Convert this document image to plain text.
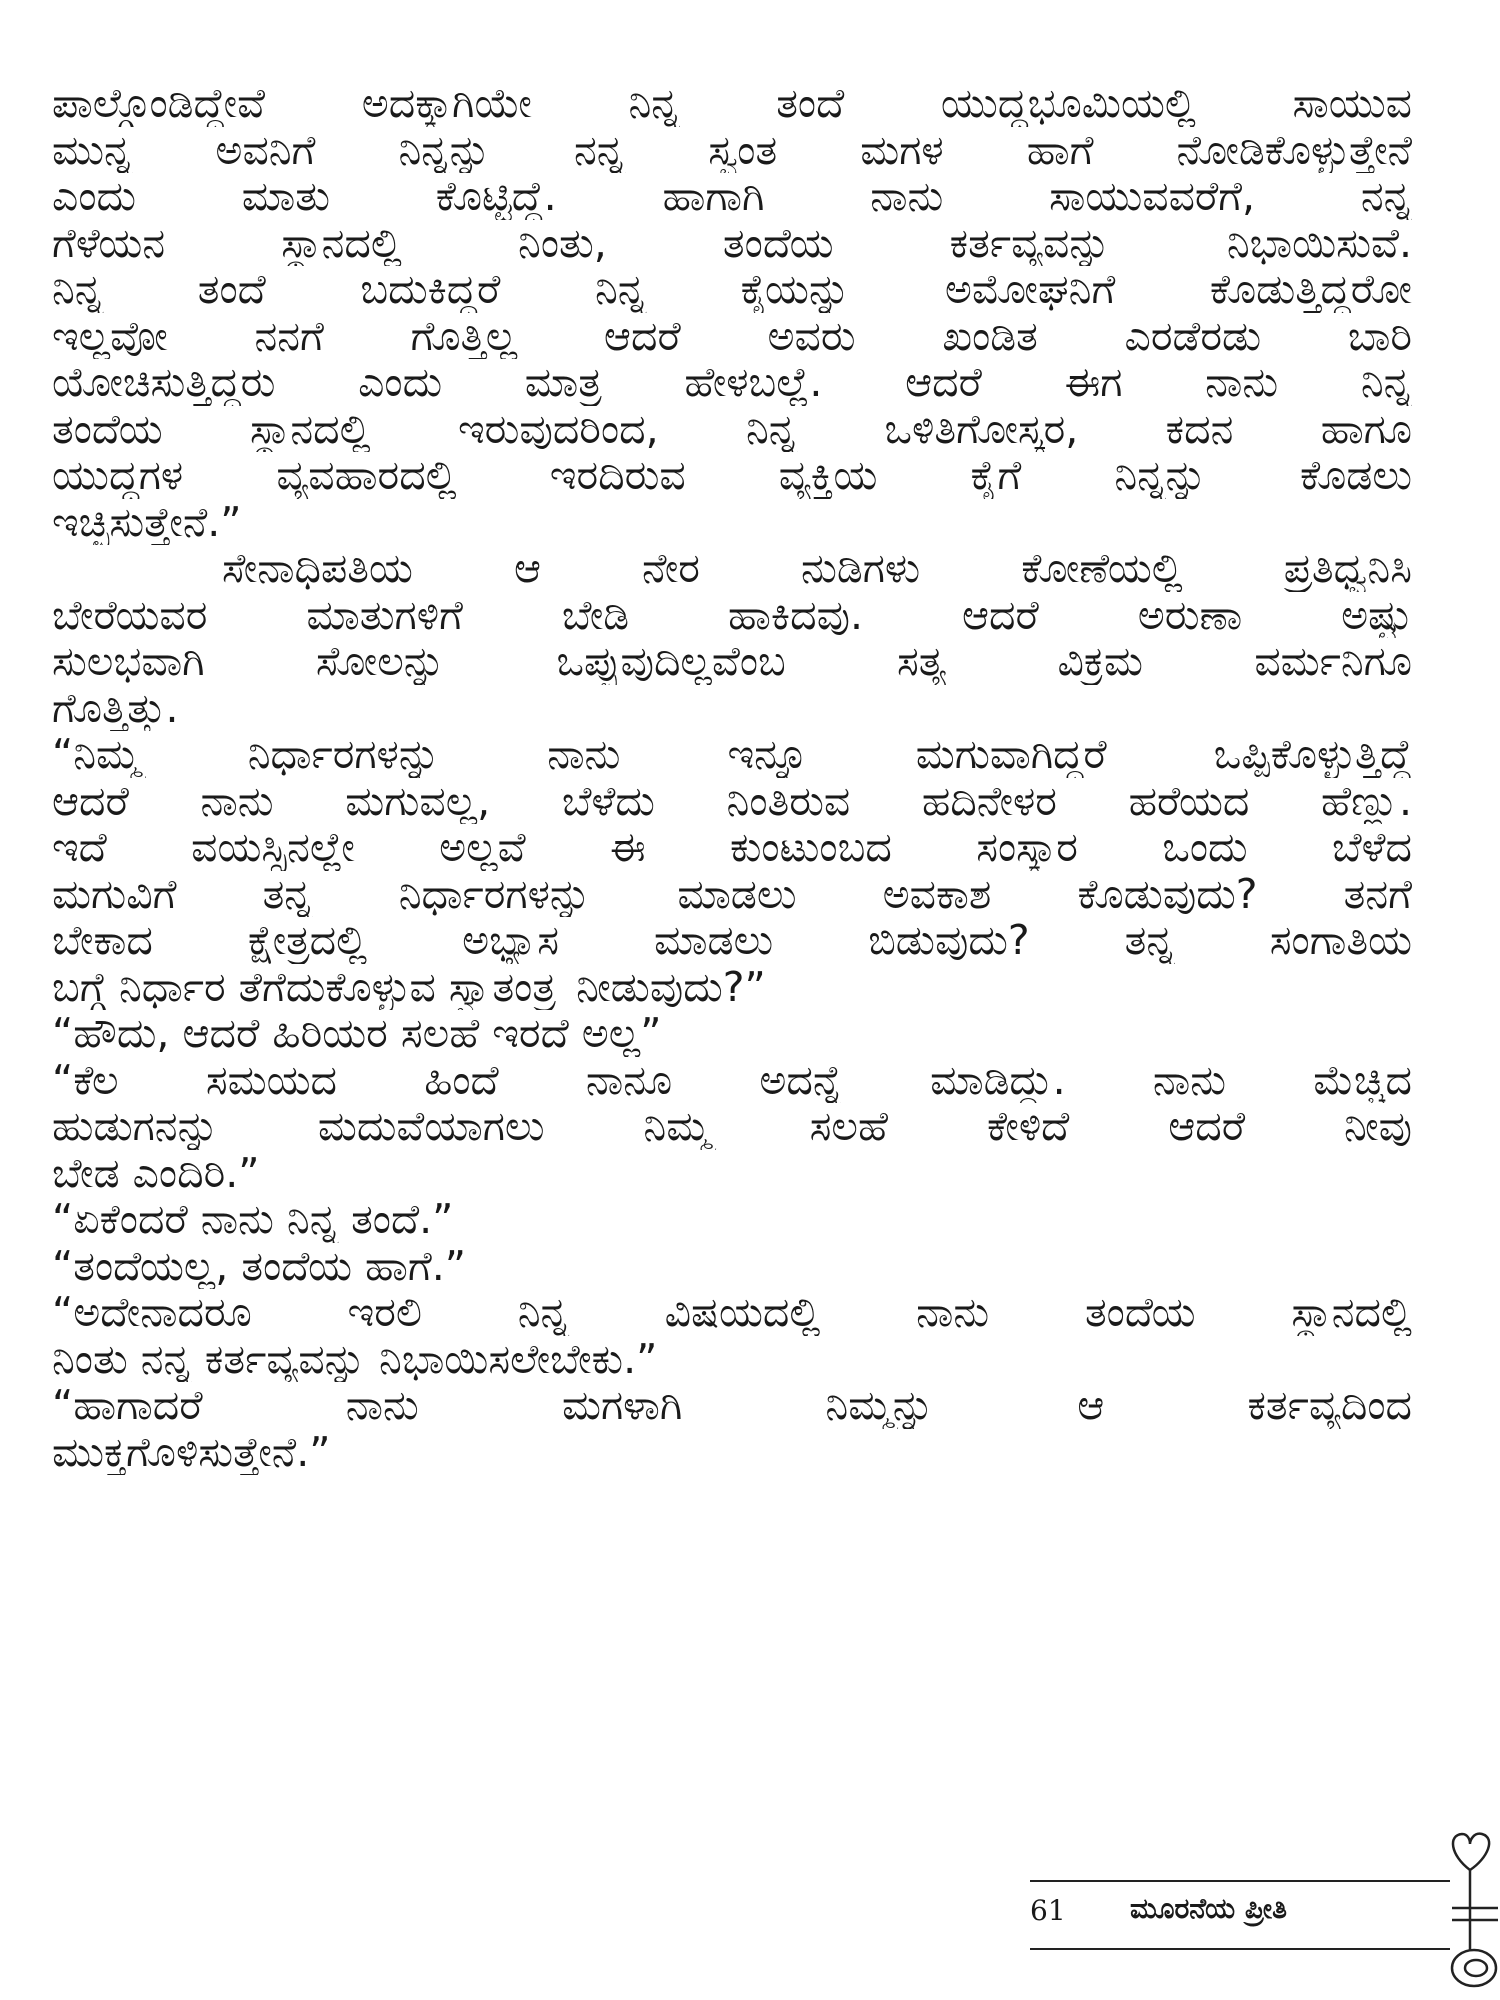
ಪಾಲ್ಗೊಂಡಿದ್ದೇವೆ ಅದಕ್ಕಾಗಿಯೇ ನಿನ್ನ ತಂದೆ ಯುದ್ಧಭೂಮಿಯಲ್ಲಿ ಸಾಯುವ
ಮುನ್ನ ಅವನಿಗೆ ನಿನ್ನನ್ನು ನನ್ನ ಸ್ವಂತ ಮಗಳ ಹಾಗೆ ನೋಡಿಕೊಳ್ಳುತ್ತೇನೆ
ಎಂದು ಮಾತು ಕೊಟ್ಟಿದ್ದೆ. ಹಾಗಾಗಿ ನಾನು ಸಾಯುವವರೆಗೆ, ನನ್ನ
ಗೆಳೆಯನ ಸ್ಥಾನದಲ್ಲಿ ನಿಂತು, ತಂದೆಯ ಕರ್ತವ್ಯವನ್ನು ನಿಭಾಯಿಸುವೆ.
ನಿನ್ನ ತಂದೆ ಬದುಕಿದ್ದರೆ ನಿನ್ನ ಕೈಯನ್ನು ಅಮೋಘನಿಗೆ ಕೊಡುತ್ತಿದ್ದರೋ
ಇಲ್ಲವೋ ನನಗೆ ಗೊತ್ತಿಲ್ಲ ಆದರೆ ಅವರು ಖಂಡಿತ ಎರಡೆರಡು ಬಾರಿ
ಯೋಚಿಸುತ್ತಿದ್ದರು ಎಂದು ಮಾತ್ರ ಹೇಳಬಲ್ಲೆ. ಆದರೆ ಈಗ ನಾನು ನಿನ್ನ
ತಂದೆಯ ಸ್ಥಾನದಲ್ಲಿ ಇರುವುದರಿಂದ, ನಿನ್ನ ಒಳಿತಿಗೋಸ್ಕರ, ಕದನ ಹಾಗೂ
ಯುದ್ಧಗಳ ವ್ಯವಹಾರದಲ್ಲಿ ಇರದಿರುವ ವ್ಯಕ್ತಿಯ ಕೈಗೆ ನಿನ್ನನ್ನು ಕೊಡಲು
ಇಚ್ಛಿಸುತ್ತೇನೆ.”
ಸೇನಾಧಿಪತಿಯ ಆ ನೇರ ನುಡಿಗಳು ಕೋಣೆಯಲ್ಲಿ ಪ್ರತಿಧ್ವನಿಸಿ
ಬೇರೆಯವರ ಮಾತುಗಳಿಗೆ ಬೇಡಿ ಹಾಕಿದವು. ಆದರೆ ಅರುಣಾ ಅಷ್ಟು
ಸುಲಭವಾಗಿ ಸೋಲನ್ನು ಒಪ್ಪುವುದಿಲ್ಲವೆಂಬ ಸತ್ಯ ವಿಕ್ರಮ ವರ್ಮನಿಗೂ
ಗೊತ್ತಿತ್ತು.
“ನಿಮ್ಮ ನಿರ್ಧಾರಗಳನ್ನು ನಾನು ಇನ್ನೂ ಮಗುವಾಗಿದ್ದರೆ ಒಪ್ಪಿಕೊಳ್ಳುತ್ತಿದ್ದೆ
ಆದರೆ ನಾನು ಮಗುವಲ್ಲ, ಬೆಳೆದು ನಿಂತಿರುವ ಹದಿನೇಳರ ಹರೆಯದ ಹೆಣ್ಣು.
ಇದೆ ವಯಸ್ಸಿನಲ್ಲೇ ಅಲ್ಲವೆ ಈ ಕುಂಟುಂಬದ ಸಂಸ್ಕಾರ ಒಂದು ಬೆಳೆದ
ಮಗುವಿಗೆ ತನ್ನ ನಿರ್ಧಾರಗಳನ್ನು ಮಾಡಲು ಅವಕಾಶ ಕೊಡುವುದು? ತನಗೆ
ಬೇಕಾದ ಕ್ಷೇತ್ರದಲ್ಲಿ ಅಭ್ಯಾಸ ಮಾಡಲು ಬಿಡುವುದು? ತನ್ನ ಸಂಗಾತಿಯ
ಬಗ್ಗೆ ನಿರ್ಧಾರ ತೆಗೆದುಕೊಳ್ಳುವ ಸ್ವಾತಂತ್ರ್ಯ ನೀಡುವುದು?”
“ಹೌದು, ಆದರೆ ಹಿರಿಯರ ಸಲಹೆ ಇರದೆ ಅಲ್ಲ”
“ಕೆಲ ಸಮಯದ ಹಿಂದೆ ನಾನೂ ಅದನ್ನೆ ಮಾಡಿದ್ದು. ನಾನು ಮೆಚ್ಚಿದ
ಹುಡುಗನನ್ನು ಮದುವೆಯಾಗಲು ನಿಮ್ಮ ಸಲಹೆ ಕೇಳಿದೆ ಆದರೆ ನೀವು
ಬೇಡ ಎಂದಿರಿ.”
“ಏಕೆಂದರೆ ನಾನು ನಿನ್ನ ತಂದೆ.”
“ತಂದೆಯಲ್ಲ, ತಂದೆಯ ಹಾಗೆ.”
“ಅದೇನಾದರೂ ಇರಲಿ ನಿನ್ನ ವಿಷಯದಲ್ಲಿ ನಾನು ತಂದೆಯ ಸ್ಥಾನದಲ್ಲಿ
ನಿಂತು ನನ್ನ ಕರ್ತವ್ಯವನ್ನು ನಿಭಾಯಿಸಲೇಬೇಕು.”
“ಹಾಗಾದರೆ ನಾನು ಮಗಳಾಗಿ ನಿಮ್ಮನ್ನು ಆ ಕರ್ತವ್ಯದಿಂದ
ಮುಕ್ತಗೊಳಿಸುತ್ತೇನೆ.”
61 ಮೂರನೆಯ ಪ್ರೀತಿ
